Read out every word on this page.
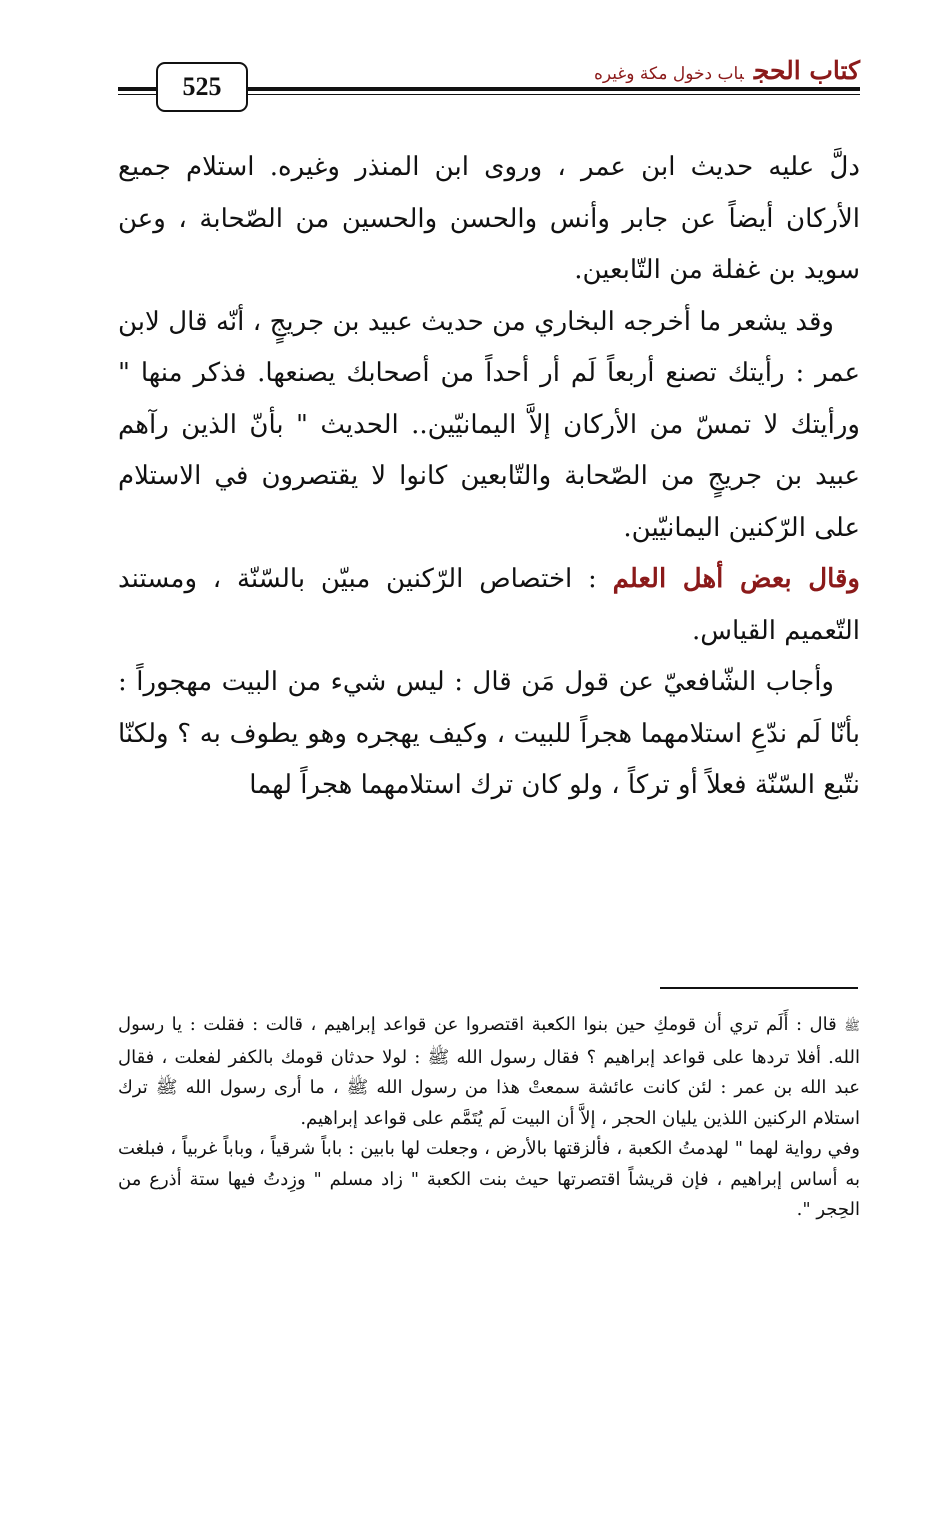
كتاب الحجباب دخول مكة وغيره
525

دلَّ عليه حديث ابن عمر ، وروى ابن المنذر وغيره. استلام جميع الأركان أيضاً عن جابر وأنس والحسن والحسين من الصّحابة ، وعن سويد بن غفلة من التّابعين.

وقد يشعر ما أخرجه البخاري من حديث عبيد بن جريجٍ ، أنّه قال لابن عمر : رأيتك تصنع أربعاً لَم أر أحداً من أصحابك يصنعها. فذكر منها " ورأيتك لا تمسّ من الأركان إلاَّ اليمانيّين.. الحديث " بأنّ الذين رآهم عبيد بن جريجٍ من الصّحابة والتّابعين كانوا لا يقتصرون في الاستلام على الرّكنين اليمانيّين.

وقال بعض أهل العلم : اختصاص الرّكنين مبيّن بالسّنّة ، ومستند التّعميم القياس.

وأجاب الشّافعيّ عن قول مَن قال : ليس شيء من البيت مهجوراً : بأنّا لَم ندّعِ استلامهما هجراً للبيت ، وكيف يهجره وهو يطوف به ؟ ولكنّا نتّبع السّنّة فعلاً أو تركاً ، ولو كان ترك استلامهما هجراً لهما

ﷺ قال : أَلَم تري أن قومكِ حين بنوا الكعبة اقتصروا عن قواعد إبراهيم ، قالت : فقلت : يا رسول الله. أفلا تردها على قواعد إبراهيم ؟ فقال رسول الله ﷺ : لولا حدثان قومك بالكفر لفعلت ، فقال عبد الله بن عمر : لئن كانت عائشة سمعتْ هذا من رسول الله ﷺ ، ما أرى رسول الله ﷺ ترك استلام الركنين اللذين يليان الحجر ، إلاَّ أن البيت لَم يُتَمَّم على قواعد إبراهيم.

وفي رواية لهما " لهدمتُ الكعبة ، فألزقتها بالأرض ، وجعلت لها بابين : باباً شرقياً ، وباباً غربياً ، فبلغت به أساس إبراهيم ، فإن قريشاً اقتصرتها حيث بنت الكعبة " زاد مسلم " وزِدتُ فيها ستة أذرع من الحِجر ".
